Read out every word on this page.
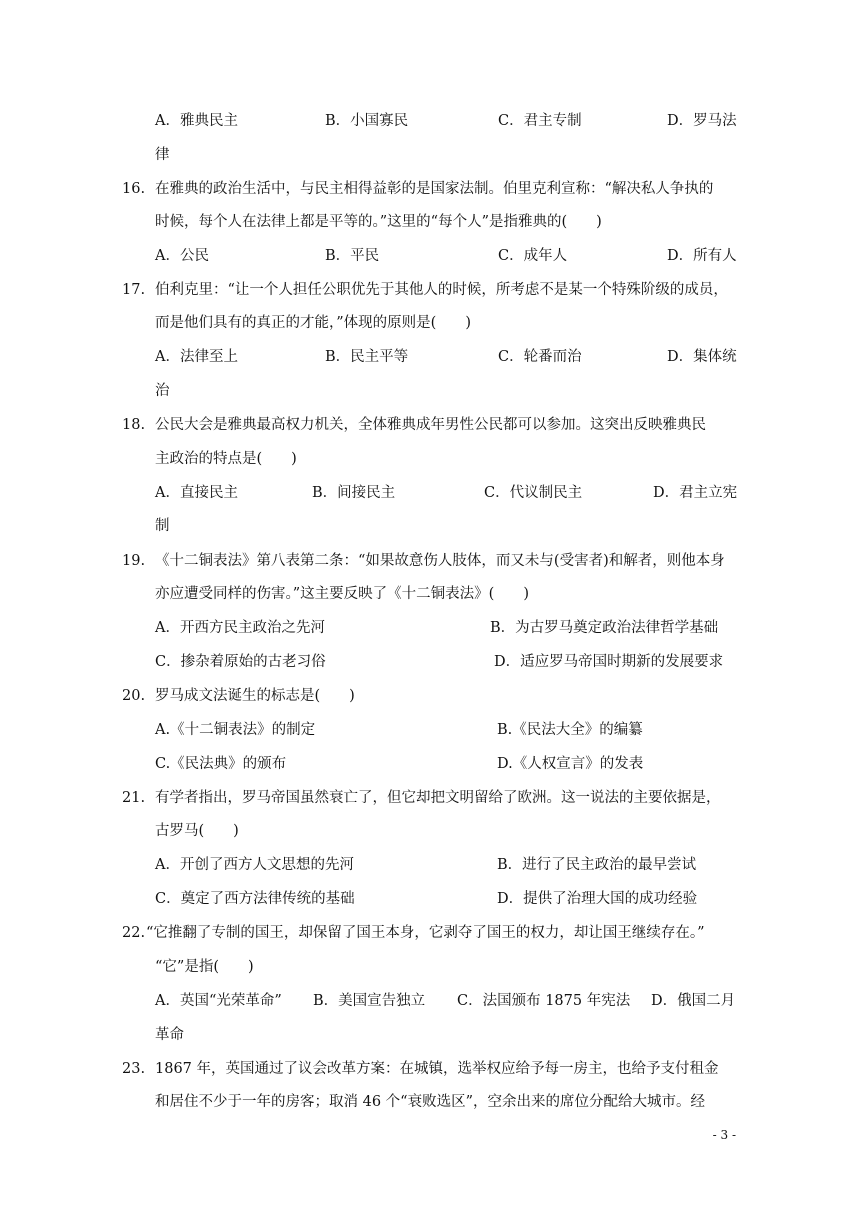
A．雅典民主	B．小国寡民	C．君主专制	D．罗马法
律
16. 在雅典的政治生活中，与民主相得益彰的是国家法制。伯里克利宣称：“解决私人争执的
时候，每个人在法律上都是平等的。”这里的“每个人”是指雅典的(　　)
A．公民	B．平民	C．成年人	D．所有人
17. 伯利克里：“让一个人担任公职优先于其他人的时候，所考虑不是某一个特殊阶级的成员，
而是他们具有的真正的才能，”体现的原则是(　　)
A．法律至上	B．民主平等	C．轮番而治	D．集体统
治
18. 公民大会是雅典最高权力机关，全体雅典成年男性公民都可以参加。这突出反映雅典民
主政治的特点是(　　)
A．直接民主	B．间接民主	C．代议制民主	D．君主立宪
制
19. 《十二铜表法》第八表第二条：“如果故意伤人肢体，而又未与(受害者)和解者，则他本身
亦应遭受同样的伤害。”这主要反映了《十二铜表法》(　　)
A．开西方民主政治之先河	B．为古罗马奠定政治法律哲学基础
C．掺杂着原始的古老习俗	D．适应罗马帝国时期新的发展要求
20. 罗马成文法诞生的标志是(　　)
A.《十二铜表法》的制定	B.《民法大全》的编纂
C.《民法典》的颁布	D.《人权宣言》的发表
21. 有学者指出，罗马帝国虽然衰亡了，但它却把文明留给了欧洲。这一说法的主要依据是，
古罗马(　　)
A．开创了西方人文思想的先河	B．进行了民主政治的最早尝试
C．奠定了西方法律传统的基础	D．提供了治理大国的成功经验
22. “它推翻了专制的国王，却保留了国王本身，它剥夺了国王的权力，却让国王继续存在。”
“它”是指(　　)
A．英国“光荣革命” B．美国宣告独立 C．法国颁布 1875 年宪法 D．俄国二月
革命
23. 1867 年，英国通过了议会改革方案：在城镇，选举权应给予每一房主，也给予支付租金
和居住不少于一年的房客；取消 46 个“衰败选区”，空余出来的席位分配给大城市。经
- 3 -
